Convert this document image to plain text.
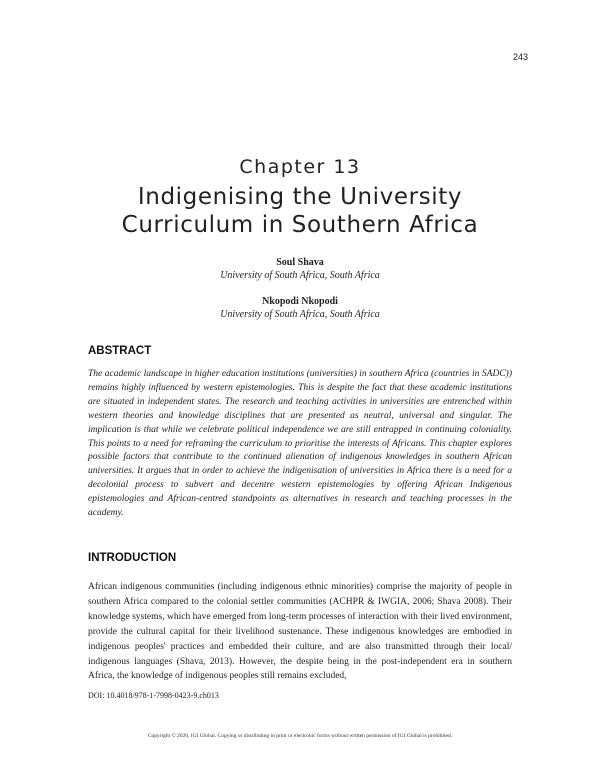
243
Chapter 13
Indigenising the University
Curriculum in Southern Africa
Soul Shava
University of South Africa, South Africa
Nkopodi Nkopodi
University of South Africa, South Africa
ABSTRACT

The academic landscape in higher education institutions (universities) in southern Africa (countries in SADC)) remains highly influenced by western epistemologies. This is despite the fact that these academic institutions are situated in independent states. The research and teaching activities in universities are entrenched within western theories and knowledge disciplines that are presented as neutral, universal and singular. The implication is that while we celebrate political independence we are still entrapped in continuing coloniality. This points to a need for reframing the curriculum to prioritise the interests of Africans. This chapter explores possible factors that contribute to the continued alienation of indigenous knowledges in southern African universities. It argues that in order to achieve the indigenisation of universities in Africa there is a need for a decolonial process to subvert and decentre western epistemologies by offering African Indigenous epistemologies and African-centred standpoints as alternatives in research and teaching processes in the academy.

INTRODUCTION

African indigenous communities (including indigenous ethnic minorities) comprise the majority of people in southern Africa compared to the colonial settler communities (ACHPR & IWGIA, 2006; Shava 2008). Their knowledge systems, which have emerged from long-term processes of interaction with their lived environment, provide the cultural capital for their livelihood sustenance. These indigenous knowledges are embodied in indigenous peoples' practices and embedded their culture, and are also transmitted through their local/ indigenous languages (Shava, 2013). However, the despite being in the post-independent era in southern Africa, the knowledge of indigenous peoples still remains excluded,

DOI: 10.4018/978-1-7998-0423-9.ch013
Copyright © 2020, IGI Global. Copying or distributing in print or electronic forms without written permission of IGI Global is prohibited.
